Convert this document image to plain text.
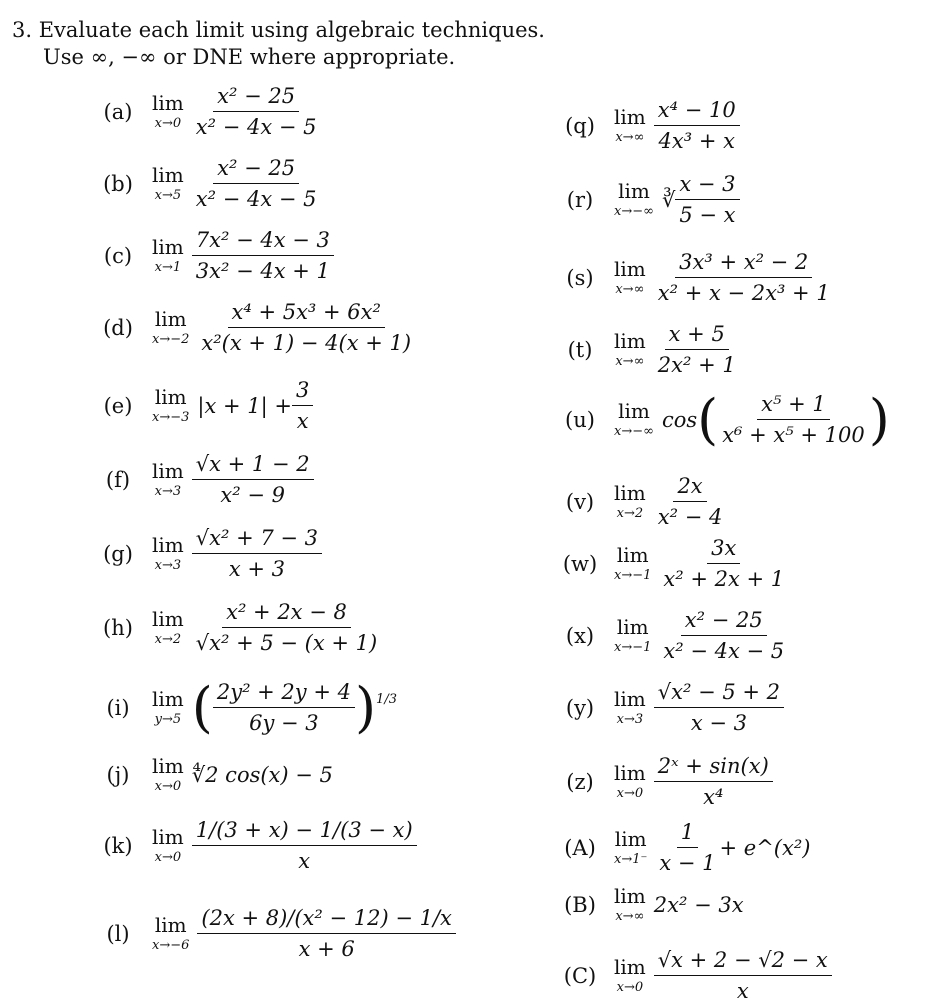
3. Evaluate each limit using algebraic techniques.
Use ∞, −∞ or DNE where appropriate.
(a) lim
$x\to 0 \frac{\text{x² − 25}}{\text{x² − 4x − 5}}$
(b) lim
$x\to 5 \frac{\text{x² − 25}}{\text{x² − 4x − 5}}$
(c) lim
$x\to 1 \frac{\text{7x² − 4x − 3}}{\text{3x² − 4x + 1}}$
(d)	lim
$x\to-2 \frac{\text{x⁴ + 5x³ + 6x²}}{\text{x²(x + 1) − 4(x + 1)}}$
(e)	lim
x→−3 $|x + 1| + \frac{3}{x}$
(f)	lim
$x\to 3 \frac{√x + 1 - 2}{\text{x² − 9}}$
(g) lim
$x\to 3 \frac{\text{√x² + 7 − 3}}{x + 3}$
(h) lim
$x\to 2 \frac{\text{x² + 2x − 8}}{\text{√x² + 5 − (x + 1)}}$
(i)	lim
y→5 ( $\frac{\text{2y² + 2y + 4}}{6y - 3}$ ) 1/3
(j)	lim
x→0 ∜2 cos(x) − 5
(k) lim
$x\to 0 \frac{1/(3 + x) - 1/(3 - x)}{x}$
(l)	lim
$x\to-6 \frac{\text{(2x + 8)/(x² − 12) − 1/x}}{x + 6}$
(q) lim
$x\to\infty \frac{\text{x⁴ − 10}}{\text{4x³ + x}}$
(r)	lim
x→−∞ ∛ $\frac{x - 3}{5 - x}$
(s)	lim
$x\to\infty \frac{\text{3x³ + x² − 2}}{\text{x² + x − 2x³ + 1}}$
(t)	lim
$x\to\infty \frac{x + 5}{\text{2x² + 1}}$
(u)	lim
x→−∞ cos ( $\frac{\text{x⁵ + 1}}{\text{x⁶ + x⁵ + 100}}$ )
(v) lim
$x\to 2 \frac{2x}{\text{x² − 4}}$
(w) lim
$x\to-1 \frac{3x}{\text{x² + 2x + 1}}$
(x)	lim
$x\to-1 \frac{\text{x² − 25}}{\text{x² − 4x − 5}}$
(y) lim
$x\to 3 \frac{\text{√x² − 5 + 2}}{x - 3}$
(z)	lim
$x\to 0 \frac{\text{2ˣ + sin(x)}}{\text{x⁴}}$
(A) lim
$x\to 1^- \frac{1}{x - 1}$ + e^(x²)
(B) lim
x→∞ 2x² − 3x
(C) lim
$x\to 0 \frac{√x + 2 - √2 - x}{x}$
